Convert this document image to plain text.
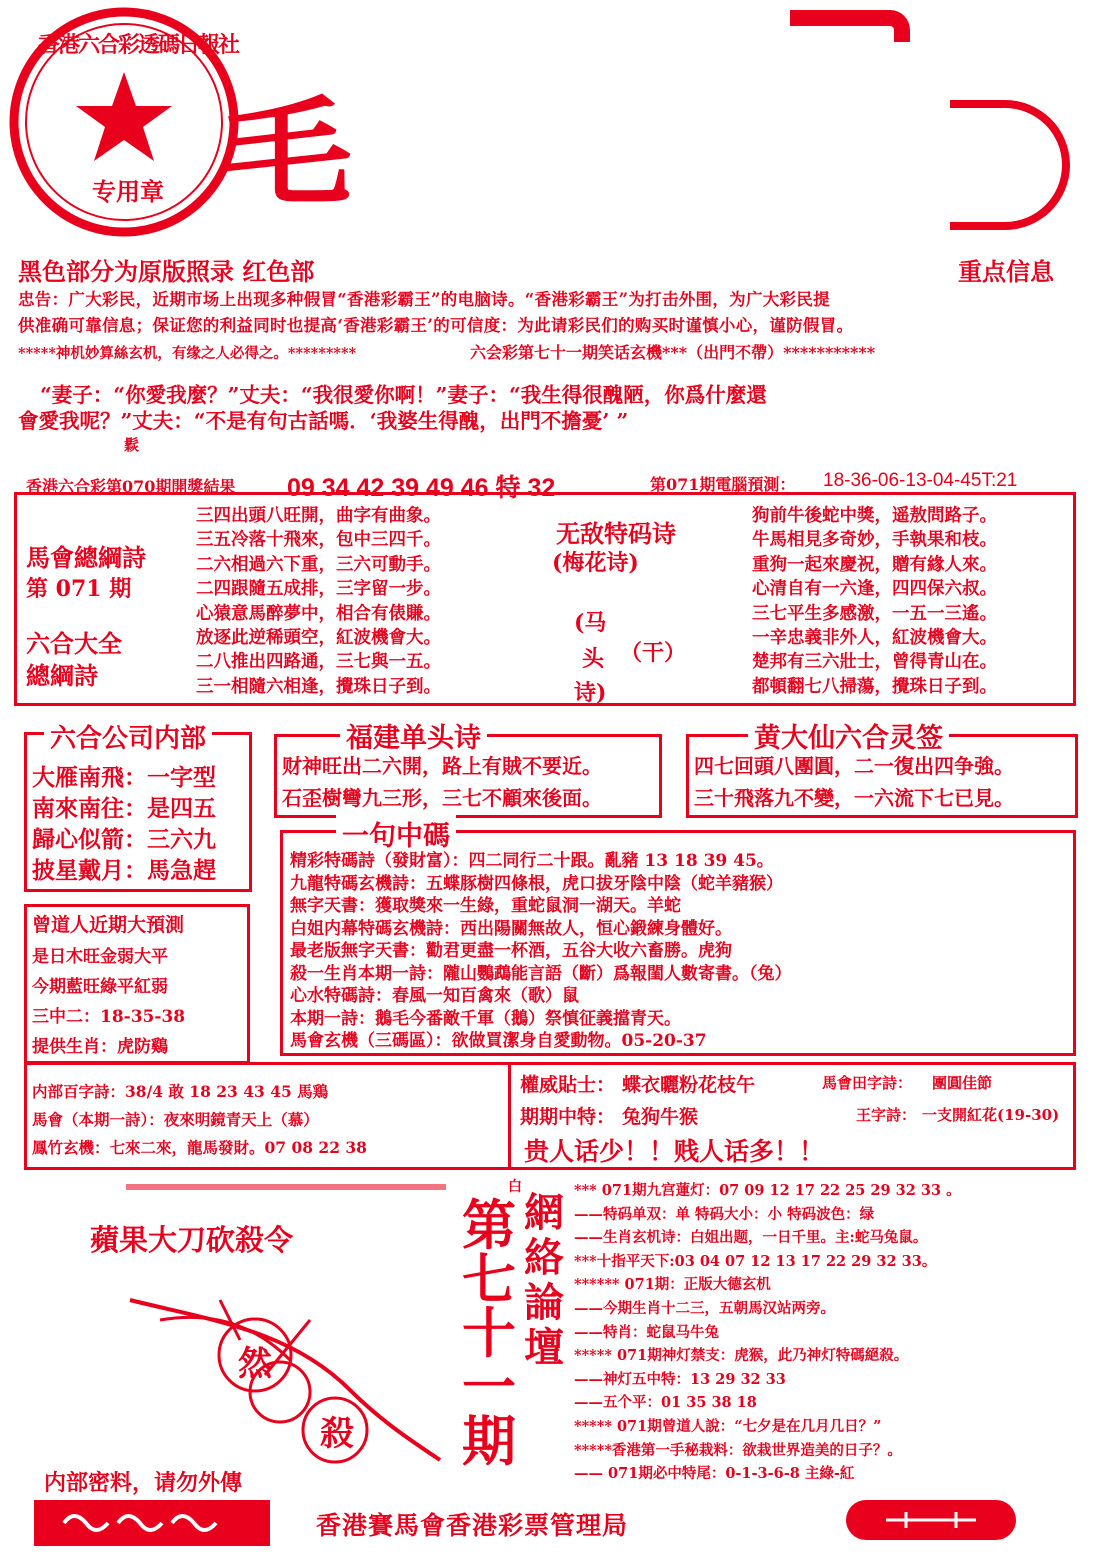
香港六合彩透碼日報社
专用章 毛
黑色部分为原版照录 红色部	重点信息
忠告：广大彩民，近期市场上出现多种假冒“香港彩霸王”的电脑诗。“香港彩霸王”为打击外围，为广大彩民提
供准确可靠信息；保证您的利益同时也提高‘香港彩霸王’的可信度：为此请彩民们的购买时谨慎小心，谨防假冒。
*****神机妙算絲玄机，有缘之人必得之。*********	六会彩第七十一期笑话玄機***（出門不帶）***********
“妻子：“你愛我麼？”丈夫：“我很愛你啊！”妻子：“我生得很醜陋，你爲什麼還
會愛我呢？”丈夫：“不是有句古話嗎．‘我婆生得醜，出門不擔憂’ ”
鬏
香港六合彩第070期開獎結果 09 34 42 39 49 46 特 32	第071期電腦預測： 18-36-06-13-04-45T:21
馬會總綱詩
第 071 期
六合大全
總綱詩
三四出頭八旺開，曲字有曲象。
三五冷落十飛來，包中三四千。
二六相過六下重，三六可動手。
二四跟隨五成排，三字留一步。
心猿意馬醉夢中，相合有俵賺。
放逐此逆稀頭空，紅波機會大。
二八推出四路通，三七與一五。
三一相隨六相逢，攪珠日子到。
无敌特码诗
(梅花诗)
(马
头
诗)
（干）
狗前牛後蛇中獎，遥敖問路子。
牛馬相見多奇妙，手執果和枝。
重狗一起來慶祝，贈有緣人來。
心清自有一六逢，四四保六叔。
三七平生多感激，一五一三遙。
一辛忠義非外人，紅波機會大。
楚邦有三六壯士，曾得青山在。
都頓翻七八掃蕩，攪珠日子到。
六合公司内部
大雁南飛：一字型
南來南往：是四五
歸心似箭：三六九
披星戴月：馬急趕
福建单头诗
财神旺出二六開，路上有賊不要近。
石歪樹彎九三形，三七不顧來後面。
黄大仙六合灵签
四七回頭八團圓，二一復出四争強。
三十飛落九不變，一六流下七已見。
曾道人近期大預測
是日木旺金弱大平
今期藍旺綠平紅弱
三中二：18-35-38
提供生肖：虎防鷄
一句中碼
精彩特碼詩（發財富）：四二同行二十跟。亂豬 13 18 39 45。
九龍特碼玄機詩：五蝶豚樹四條根，虎口拔牙陰中陰（蛇羊豬猴）
無字天書：獲取獎來一生綠，重蛇鼠洞一湖天。羊蛇
白姐内幕特碼玄機詩：西出陽關無故人，恒心鍛練身體好。
最老版無字天書：勸君更盡一杯酒，五谷大收六畜勝。虎狗
殺一生肖本期一詩：隴山鸚鵡能言語（斷）爲報閨人數寄書。（兔）
心水特碼詩：春風一知百禽來（歌）鼠
本期一詩：鵝毛今番敵千軍（鵝）祭慎征義擋青天。
馬會玄機（三碼區）：欲做買潔身自愛動物。05-20-37
内部百字詩：38/4 敢 18 23 43 45 馬鶏
馬會（本期一詩）：夜來明鏡青天上（慕）
鳳竹玄機：七來二來，龍馬發財。07 08 22 38
權威貼士： 蝶衣曬粉花枝午	馬會田字詩： 團圓佳節
期期中特： 兔狗牛猴	王字詩： 一支開紅花(19-30)
贵人话少！！贱人话多！！
蘋果大刀砍殺令
然
殺
内部密料，请勿外傳
白
第七十一期
網絡論壇
*** 071期九宫蓮灯：07 09 12 17 22 25 29 32 33 。
——特码单双：单 特码大小：小 特码波色：绿
——生肖玄机诗：白姐出题，一日千里。主:蛇马兔鼠。
***十指平天下:03 04 07 12 13 17 22 29 32 33。
****** 071期：正版大德玄机
——今期生肖十二三，五朝馬汉站两旁。
——特肖：蛇鼠马牛兔
***** 071期神灯禁支：虎猴，此乃神灯特碼絕殺。
——神灯五中特：13 29 32 33
——五个平：01 35 38 18
***** 071期曾道人說：“七夕是在几月几日？”
*****香港第一手秘栽料：欲栽世界造美的日子？。
—— 071期必中特尾：0-1-3-6-8 主綠-紅
香港賽馬會香港彩票管理局
